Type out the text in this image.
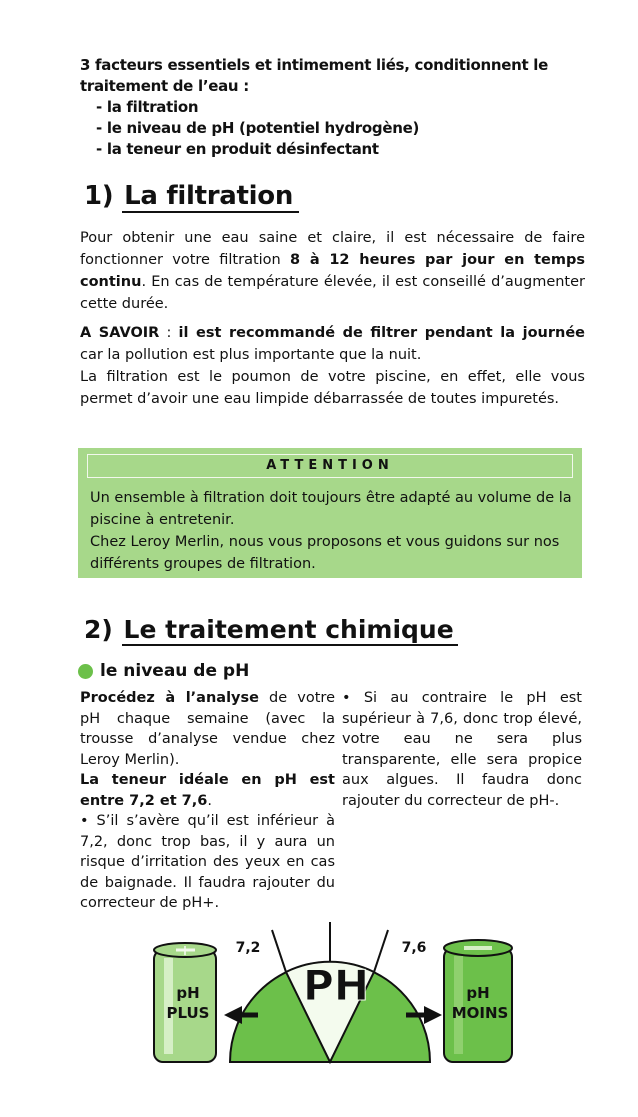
3 facteurs essentiels et intimement liés, conditionnent le traitement de l’eau :
- la filtration
- le niveau de pH (potentiel hydrogène)
- la teneur en produit désinfectant
1) La filtration
Pour obtenir une eau saine et claire, il est nécessaire de faire fonctionner votre filtration 8 à 12 heures par jour en temps continu. En cas de température élevée, il est conseillé d’augmenter cette durée.
A SAVOIR : il est recommandé de filtrer pendant la journée car la pollution est plus importante que la nuit.
La filtration est le poumon de votre piscine, en effet, elle vous permet d’avoir une eau limpide débarrassée de toutes impuretés.
ATTENTION
Un ensemble à filtration doit toujours être adapté au volume de la piscine à entretenir.
Chez Leroy Merlin, nous vous proposons et vous guidons sur nos différents groupes de filtration.
2) Le traitement chimique
le niveau de pH
Procédez à l’analyse de votre pH chaque semaine (avec la trousse d’analyse vendue chez Leroy Merlin).
La teneur idéale en pH est entre 7,2 et 7,6.
• S’il s’avère qu’il est inférieur à 7,2, donc trop bas, il y aura un risque d’irritation des yeux en cas de baignade. Il faudra rajouter du correcteur de pH+.
• Si au contraire le pH est supérieur à 7,6, donc trop élevé, votre eau ne sera plus transparente, elle sera propice aux algues. Il faudra donc rajouter du correcteur de pH-.
+
pH
PLUS
7,2	7,6
PH	pH
MOINS
